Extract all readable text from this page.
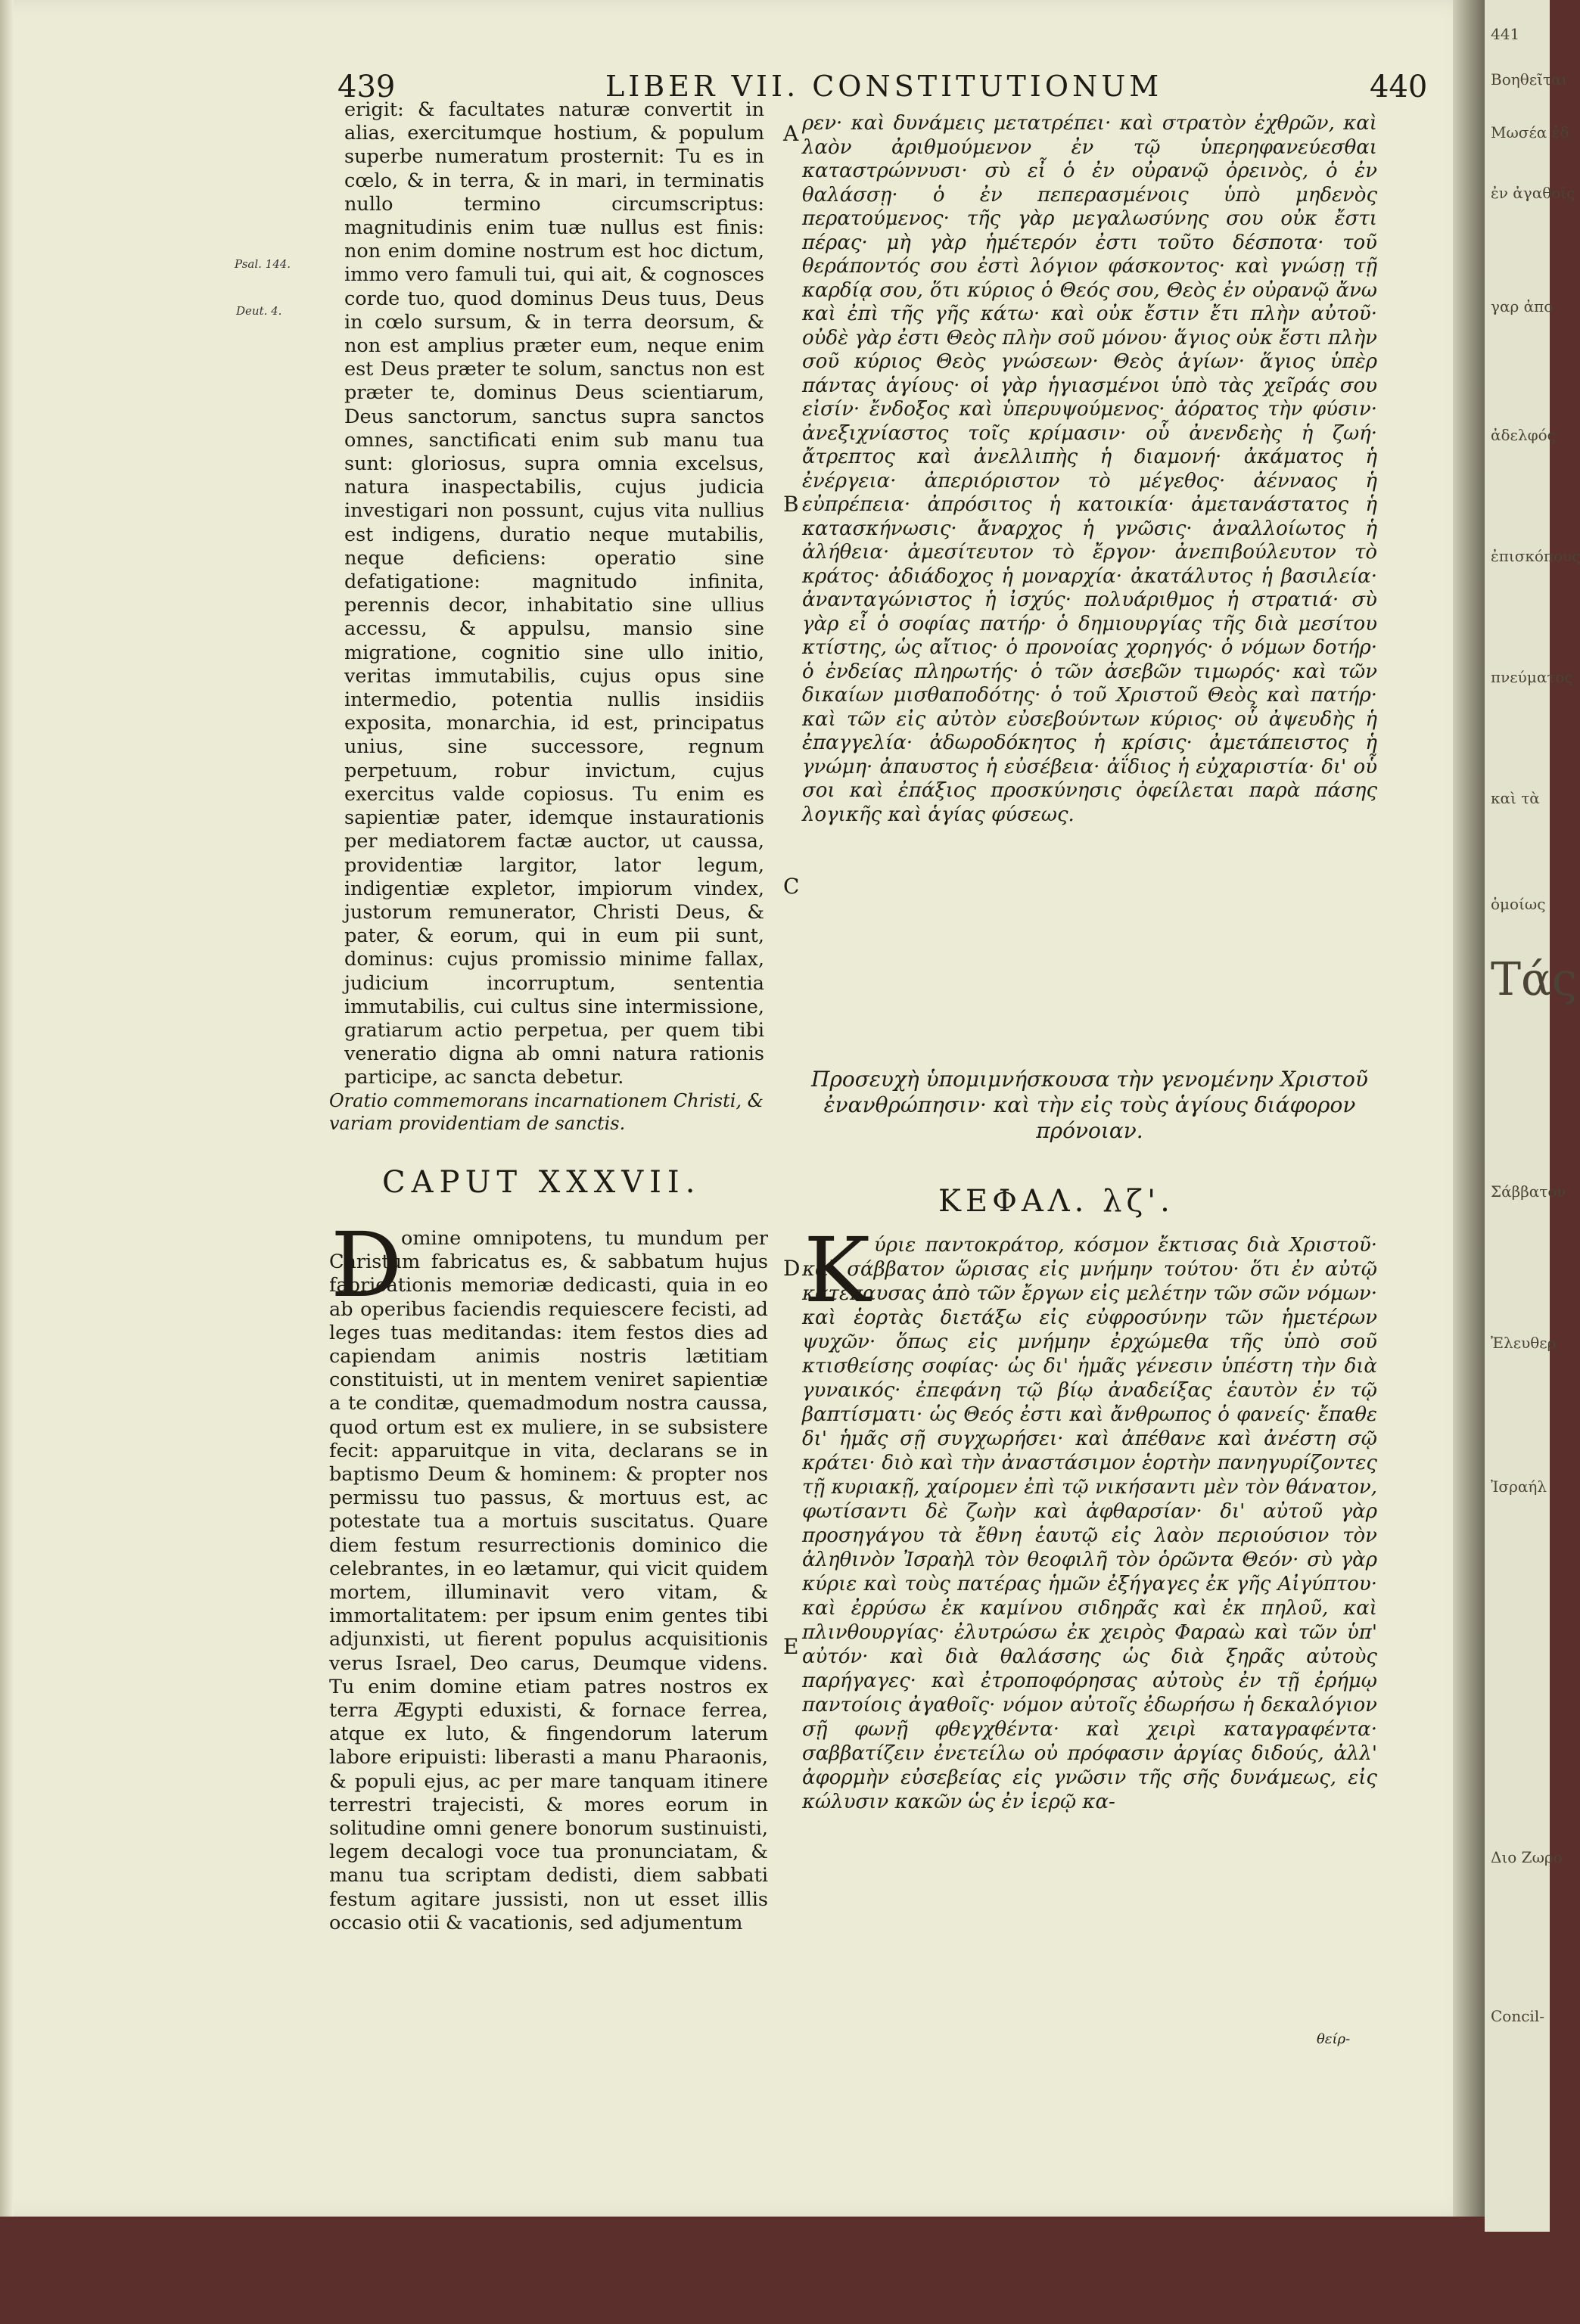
439	LIBER VII. CONSTITUTIONUM	440
Psal. 144.
Deut. 4.
A
B
C
D
E
erigit: & facultates naturæ convertit in alias, exercitumque hostium, & populum superbe numeratum prosternit: Tu es in cœlo, & in terra, & in mari, in terminatis nullo termino circumscriptus: magnitudinis enim tuæ nullus est finis: non enim domine nostrum est hoc dictum, immo vero famuli tui, qui ait, & cognosces corde tuo, quod dominus Deus tuus, Deus in cœlo sursum, & in terra deorsum, & non est amplius præter eum, neque enim est Deus præter te solum, sanctus non est præter te, dominus Deus scientiarum, Deus sanctorum, sanctus supra sanctos omnes, sanctificati enim sub manu tua sunt: gloriosus, supra omnia excelsus, natura inaspectabilis, cujus judicia investigari non possunt, cujus vita nullius est indigens, duratio neque mutabilis, neque deficiens: operatio sine defatigatione: magnitudo infinita, perennis decor, inhabitatio sine ullius accessu, & appulsu, mansio sine migratione, cognitio sine ullo initio, veritas immutabilis, cujus opus sine intermedio, potentia nullis insidiis exposita, monarchia, id est, principatus unius, sine successore, regnum perpetuum, robur invictum, cujus exercitus valde copiosus. Tu enim es sapientiæ pater, idemque instaurationis per mediatorem factæ auctor, ut caussa, providentiæ largitor, lator legum, indigentiæ expletor, impiorum vindex, justorum remunerator, Christi Deus, & pater, & eorum, qui in eum pii sunt, dominus: cujus promissio minime fallax, judicium incorruptum, sententia immutabilis, cui cultus sine intermissione, gratiarum actio perpetua, per quem tibi veneratio digna ab omni natura rationis participe, ac sancta debetur.
ρεν· καὶ δυνάμεις μετατρέπει· καὶ στρατὸν ἐχθρῶν, καὶ λαὸν ἀριθμούμενον ἐν τῷ ὑπερηφανεύεσθαι καταστρώννυσι· σὺ εἶ ὁ ἐν οὐρανῷ ὀρεινὸς, ὁ ἐν θαλάσσῃ· ὁ ἐν πεπερασμένοις ὑπὸ μηδενὸς περατούμενος· τῆς γὰρ μεγαλωσύνης σου οὐκ ἔστι πέρας· μὴ γὰρ ἡμέτερόν ἐστι τοῦτο δέσποτα· τοῦ θεράποντός σου ἐστὶ λόγιον φάσκοντος· καὶ γνώσῃ τῇ καρδίᾳ σου, ὅτι κύριος ὁ Θεός σου, Θεὸς ἐν οὐρανῷ ἄνω καὶ ἐπὶ τῆς γῆς κάτω· καὶ οὐκ ἔστιν ἔτι πλὴν αὐτοῦ· οὐδὲ γὰρ ἐστι Θεὸς πλὴν σοῦ μόνου· ἅγιος οὐκ ἔστι πλὴν σοῦ κύριος Θεὸς γνώσεων· Θεὸς ἁγίων· ἅγιος ὑπὲρ πάντας ἁγίους· οἱ γὰρ ἡγιασμένοι ὑπὸ τὰς χεῖράς σου εἰσίν· ἔνδοξος καὶ ὑπερυψούμενος· ἀόρατος τὴν φύσιν· ἀνεξιχνίαστος τοῖς κρίμασιν· οὗ ἀνενδεὴς ἡ ζωή· ἄτρεπτος καὶ ἀνελλιπὴς ἡ διαμονή· ἀκάματος ἡ ἐνέργεια· ἀπεριόριστον τὸ μέγεθος· ἀένναος ἡ εὐπρέπεια· ἀπρόσιτος ἡ κατοικία· ἀμετανάστατος ἡ κατασκήνωσις· ἄναρχος ἡ γνῶσις· ἀναλλοίωτος ἡ ἀλήθεια· ἀμεσίτευτον τὸ ἔργον· ἀνεπιβούλευτον τὸ κράτος· ἀδιάδοχος ἡ μοναρχία· ἀκατάλυτος ἡ βασιλεία· ἀνανταγώνιστος ἡ ἰσχύς· πολυάριθμος ἡ στρατιά· σὺ γὰρ εἶ ὁ σοφίας πατήρ· ὁ δημιουργίας τῆς διὰ μεσίτου κτίστης, ὡς αἴτιος· ὁ προνοίας χορηγός· ὁ νόμων δοτήρ· ὁ ἐνδείας πληρωτής· ὁ τῶν ἀσεβῶν τιμωρός· καὶ τῶν δικαίων μισθαποδότης· ὁ τοῦ Χριστοῦ Θεὸς καὶ πατήρ· καὶ τῶν εἰς αὐτὸν εὐσεβούντων κύριος· οὗ ἀψευδὴς ἡ ἐπαγγελία· ἀδωροδόκητος ἡ κρίσις· ἀμετάπειστος ἡ γνώμη· ἀπαυστος ἡ εὐσέβεια· ἀΐδιος ἡ εὐχαριστία· δι' οὗ σοι καὶ ἐπάξιος προσκύνησις ὀφείλεται παρὰ πάσης λογικῆς καὶ ἁγίας φύσεως.
Oratio commemorans incarnationem Christi, & variam providentiam de sanctis.
CAPUT XXXVII.
Προσευχὴ ὑπομιμνήσκουσα τὴν γενομένην Χριστοῦ ἐνανθρώπησιν· καὶ τὴν εἰς τοὺς ἁγίους διάφορον πρόνοιαν.
ΚΕΦΑΛ. λζ'.
D
omine omnipotens, tu mundum per Christum fabricatus es, & sabbatum hujus fabricationis memoriæ dedicasti, quia in eo ab operibus faciendis requiescere fecisti, ad leges tuas meditandas: item festos dies ad capiendam animis nostris lætitiam constituisti, ut in mentem veniret sapientiæ a te conditæ, quemadmodum nostra caussa, quod ortum est ex muliere, in se subsistere fecit: apparuitque in vita, declarans se in baptismo Deum & hominem: & propter nos permissu tuo passus, & mortuus est, ac potestate tua a mortuis suscitatus. Quare diem festum resurrectionis dominico die celebrantes, in eo lætamur, qui vicit quidem mortem, illuminavit vero vitam, & immortalitatem: per ipsum enim gentes tibi adjunxisti, ut fierent populus acquisitionis verus Israel, Deo carus, Deumque videns. Tu enim domine etiam patres nostros ex terra Ægypti eduxisti, & fornace ferrea, atque ex luto, & fingendorum laterum labore eripuisti: liberasti a manu Pharaonis, & populi ejus, ac per mare tanquam itinere terrestri trajecisti, & mores eorum in solitudine omni genere bonorum sustinuisti, legem decalogi voce tua pronunciatam, & manu tua scriptam dedisti, diem sabbati festum agitare jussisti, non ut esset illis occasio otii & vacationis, sed adjumentum
K ύριε παντοκράτορ, κόσμον ἔκτισας διὰ Χριστοῦ· καὶ σάββατον ὥρισας εἰς μνήμην τούτου· ὅτι ἐν αὐτῷ κατέπαυσας ἀπὸ τῶν ἔργων εἰς μελέτην τῶν σῶν νόμων· καὶ ἑορτὰς διετάξω εἰς εὐφροσύνην τῶν ἡμετέρων ψυχῶν· ὅπως εἰς μνήμην ἐρχώμεθα τῆς ὑπὸ σοῦ κτισθείσης σοφίας· ὡς δι' ἡμᾶς γένεσιν ὑπέστη τὴν διὰ γυναικός· ἐπεφάνη τῷ βίῳ ἀναδείξας ἑαυτὸν ἐν τῷ βαπτίσματι· ὡς Θεός ἐστι καὶ ἄνθρωπος ὁ φανείς· ἔπαθε δι' ἡμᾶς σῇ συγχωρήσει· καὶ ἀπέθανε καὶ ἀνέστη σῷ κράτει· διὸ καὶ τὴν ἀναστάσιμον ἑορτὴν πανηγυρίζοντες τῇ κυριακῇ, χαίρομεν ἐπὶ τῷ νικήσαντι μὲν τὸν θάνατον, φωτίσαντι δὲ ζωὴν καὶ ἀφθαρσίαν· δι' αὐτοῦ γὰρ προσηγάγου τὰ ἔθνη ἑαυτῷ εἰς λαὸν περιούσιον τὸν ἀληθινὸν Ἰσραὴλ τὸν θεοφιλῆ τὸν ὁρῶντα Θεόν· σὺ γὰρ κύριε καὶ τοὺς πατέρας ἡμῶν ἐξήγαγες ἐκ γῆς Αἰγύπτου· καὶ ἐρρύσω ἐκ καμίνου σιδηρᾶς καὶ ἐκ πηλοῦ, καὶ πλινθουργίας· ἐλυτρώσω ἐκ χειρὸς Φαραὼ καὶ τῶν ὑπ' αὐτόν· καὶ διὰ θαλάσσης ὡς διὰ ξηρᾶς αὐτοὺς παρήγαγες· καὶ ἐτροποφόρησας αὐτοὺς ἐν τῇ ἐρήμῳ παντοίοις ἀγαθοῖς· νόμον αὐτοῖς ἐδωρήσω ἡ δεκαλόγιον σῇ φωνῇ φθεγχθέντα· καὶ χειρὶ καταγραφέντα· σαββατίζειν ἐνετείλω οὐ πρόφασιν ἀργίας διδούς, ἀλλ' ἀφορμὴν εὐσεβείας εἰς γνῶσιν τῆς σῆς δυνάμεως, εἰς κώλυσιν κακῶν ὡς ἐν ἱερῷ κα-
θείρ-
441
Βοηθεῖται
Μωσέα ἐδ
ἐν ἀγαθοῖς
γαρ ἀπο
ἀδελφός
ἐπισκόπους
πνεύματος
καὶ τὰ
ὁμοίως
Τάς
Σάββατον
Ἐλευθερ
Ἰσραήλ
Διο Ζωρο
Concil-
